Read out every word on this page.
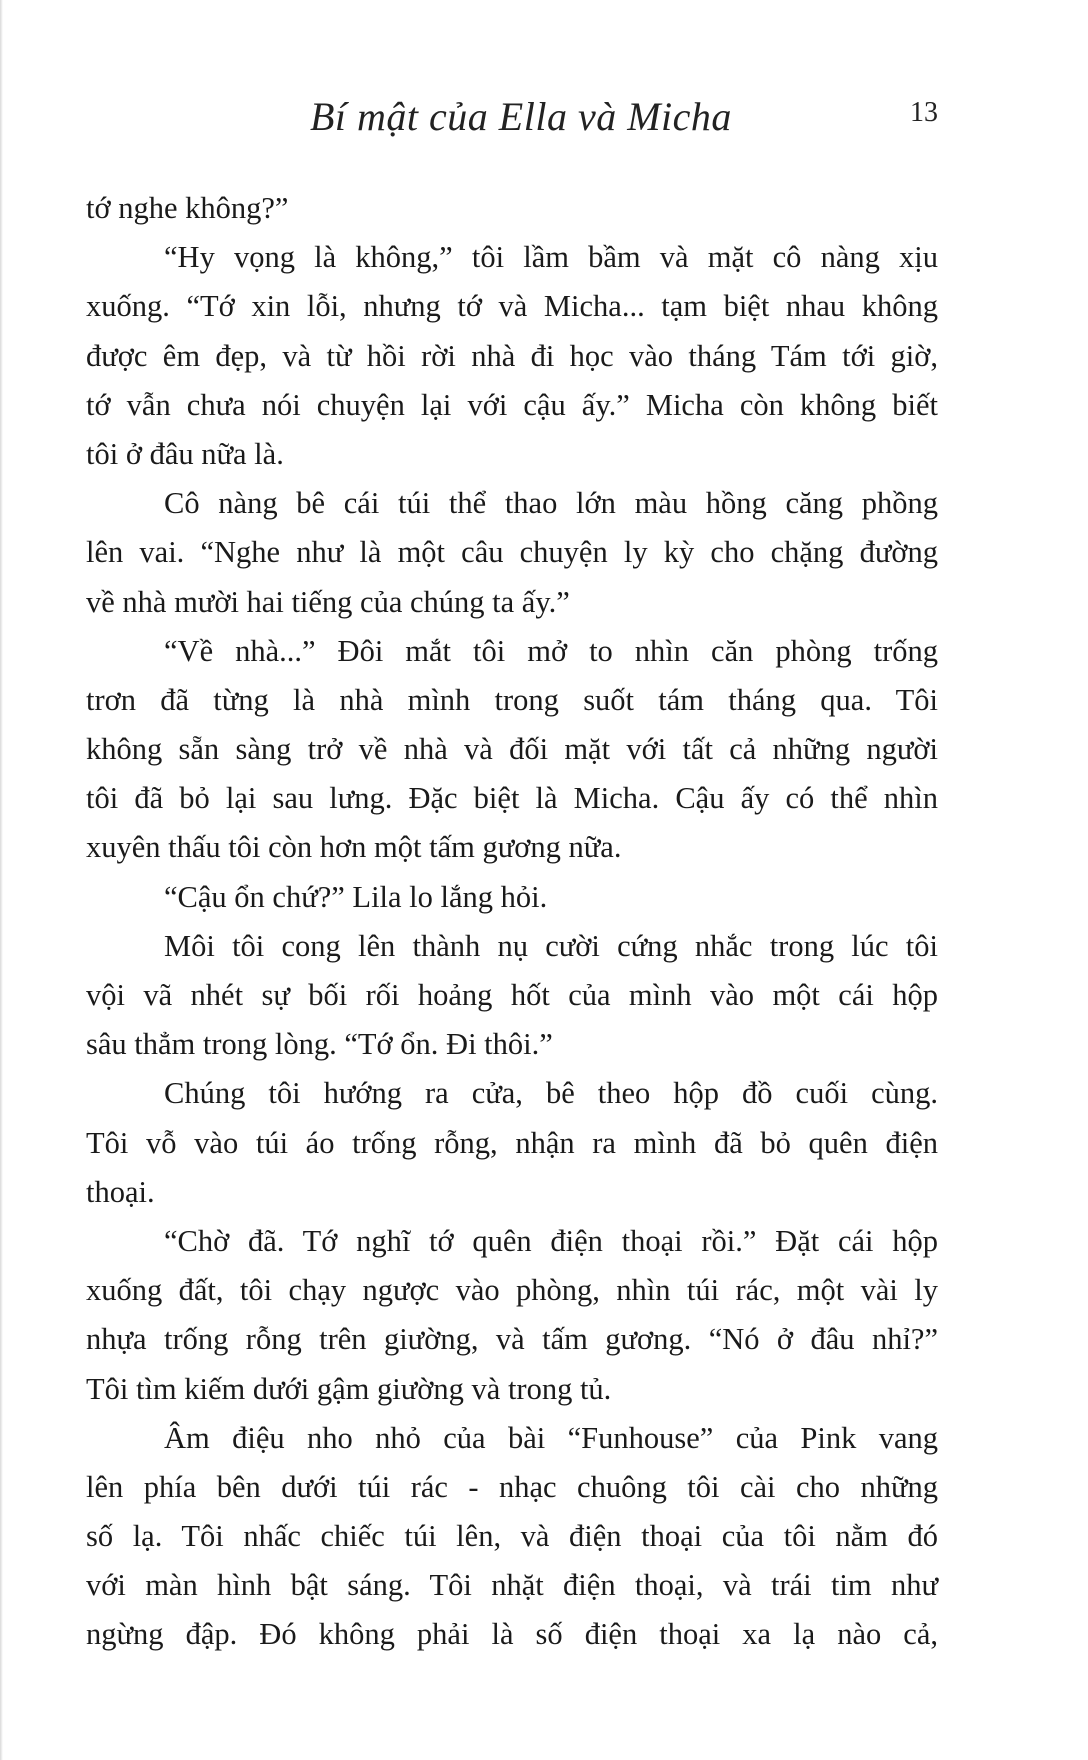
Bí mật của Ella và Micha	13
tớ nghe không?”
“Hy vọng là không,” tôi lầm bầm và mặt cô nàng xịu
xuống. “Tớ xin lỗi, nhưng tớ và Micha... tạm biệt nhau không
được êm đẹp, và từ hồi rời nhà đi học vào tháng Tám tới giờ,
tớ vẫn chưa nói chuyện lại với cậu ấy.” Micha còn không biết
tôi ở đâu nữa là.
Cô nàng bê cái túi thể thao lớn màu hồng căng phồng
lên vai. “Nghe như là một câu chuyện ly kỳ cho chặng đường
về nhà mười hai tiếng của chúng ta ấy.”
“Về nhà...” Đôi mắt tôi mở to nhìn căn phòng trống
trơn đã từng là nhà mình trong suốt tám tháng qua. Tôi
không sẵn sàng trở về nhà và đối mặt với tất cả những người
tôi đã bỏ lại sau lưng. Đặc biệt là Micha. Cậu ấy có thể nhìn
xuyên thấu tôi còn hơn một tấm gương nữa.
“Cậu ổn chứ?” Lila lo lắng hỏi.
Môi tôi cong lên thành nụ cười cứng nhắc trong lúc tôi
vội vã nhét sự bối rối hoảng hốt của mình vào một cái hộp
sâu thẳm trong lòng. “Tớ ổn. Đi thôi.”
Chúng tôi hướng ra cửa, bê theo hộp đồ cuối cùng.
Tôi vỗ vào túi áo trống rỗng, nhận ra mình đã bỏ quên điện
thoại.
“Chờ đã. Tớ nghĩ tớ quên điện thoại rồi.” Đặt cái hộp
xuống đất, tôi chạy ngược vào phòng, nhìn túi rác, một vài ly
nhựa trống rỗng trên giường, và tấm gương. “Nó ở đâu nhỉ?”
Tôi tìm kiếm dưới gậm giường và trong tủ.
Âm điệu nho nhỏ của bài “Funhouse” của Pink vang
lên phía bên dưới túi rác - nhạc chuông tôi cài cho những
số lạ. Tôi nhấc chiếc túi lên, và điện thoại của tôi nằm đó
với màn hình bật sáng. Tôi nhặt điện thoại, và trái tim như
ngừng đập. Đó không phải là số điện thoại xa lạ nào cả,
